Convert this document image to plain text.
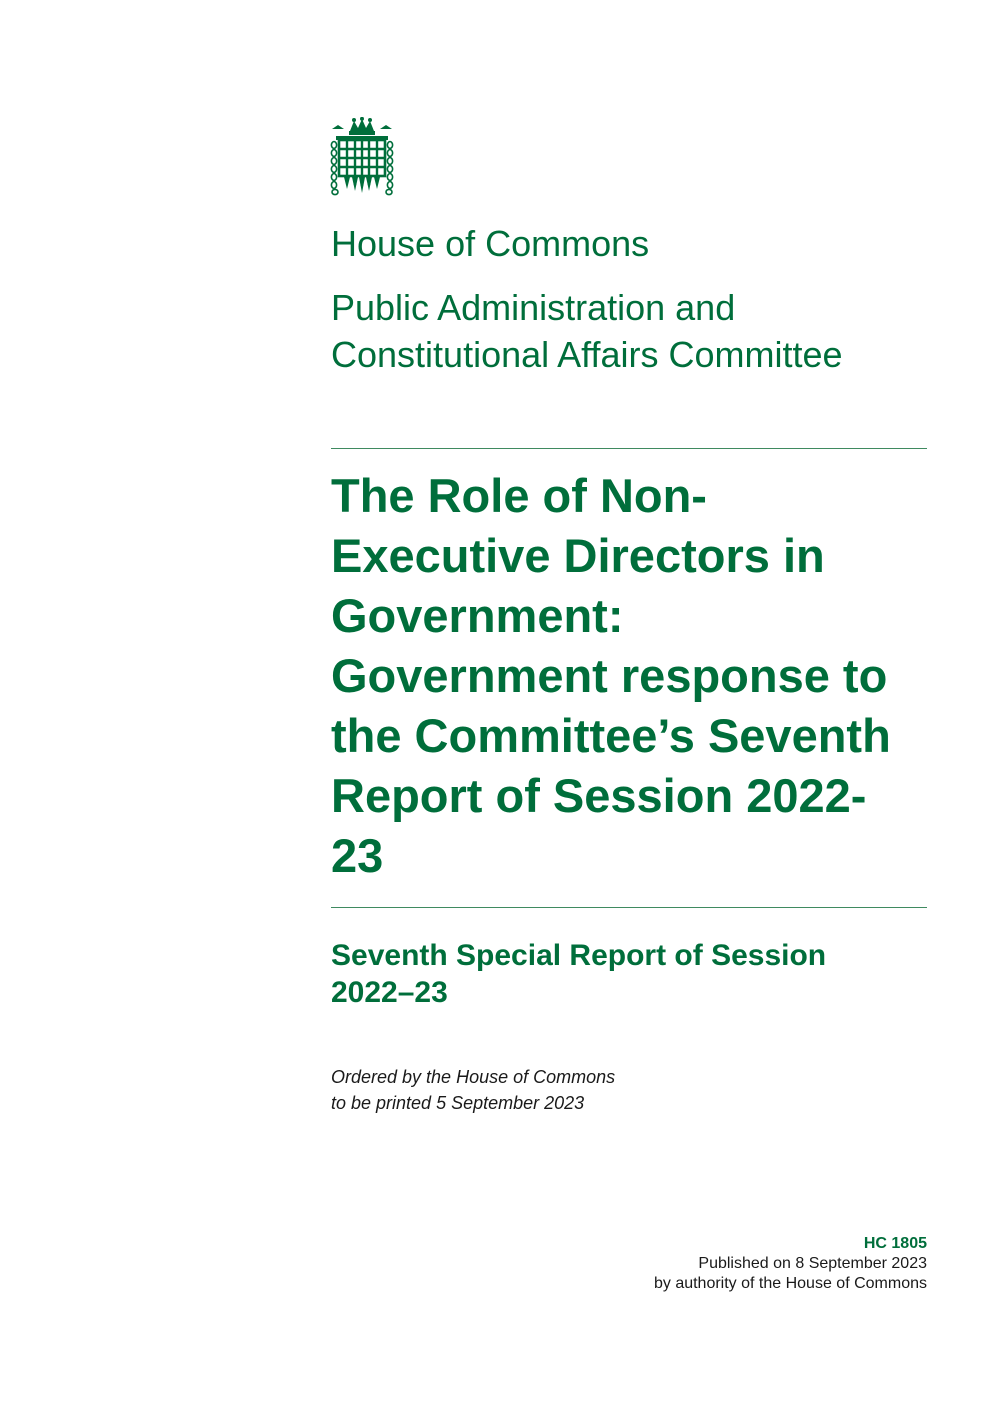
House of Commons
Public Administration and Constitutional Affairs Committee
The Role of Non-Executive Directors in Government: Government response to the Committee’s Seventh Report of Session 2022-23
Seventh Special Report of Session 2022–23

Ordered by the House of Commons
to be printed 5 September 2023

HC 1805
Published on 8 September 2023
by authority of the House of Commons
